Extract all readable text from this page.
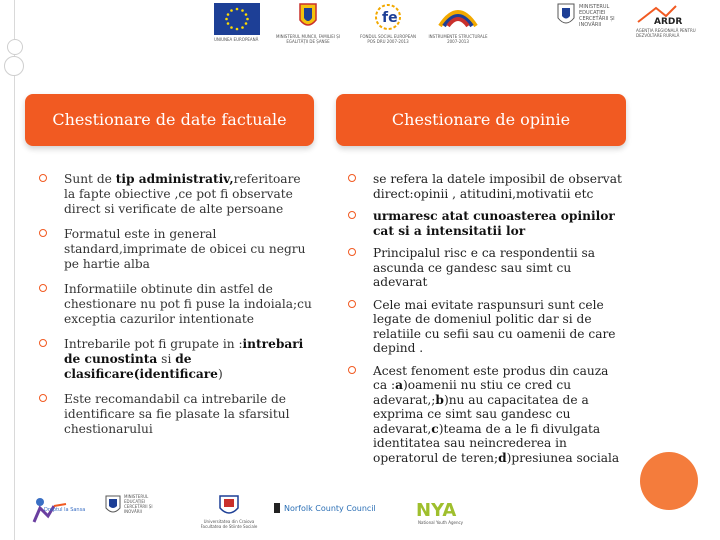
UNIUNEA EUROPEANĂ
MINISTERUL MUNCII, FAMILIEI ȘI EGALITĂȚII DE ȘANSE
fe
FONDUL SOCIAL EUROPEAN POS DRU 2007-2013
INSTRUMENTE STRUCTURALE 2007-2013
MINISTERUL EDUCAȚIEI CERCETĂRII ȘI INOVĂRII	ARDR
AGENȚIA REGIONALĂ PENTRU DEZVOLTARE RURALĂ
Chestionare de date factuale	Chestionare de opinie
Sunt de tip administrativ,referitoare la fapte obiective ,ce pot fi observate direct si verificate de alte persoane
Formatul este in general standard,imprimate de obicei cu negru pe hartie alba
Informatiile obtinute din astfel de chestionare nu pot fi puse la indoiala;cu exceptia cazurilor intentionate
Intrebarile pot fi grupate in :intrebari de cunostinta si de clasificare(identificare)
Este recomandabil ca intrebarile de identificare sa fie plasate la sfarsitul chestionarului
se refera la datele imposibil de observat direct:opinii , atitudini,motivatii etc
urmaresc atat cunoasterea opinilor cat si a intensitatii lor
Principalul risc e ca respondentii sa ascunda ce gandesc sau simt cu adevarat
Cele mai evitate raspunsuri sunt cele legate de domeniul politic dar si de relatiile cu sefii sau cu oamenii de care depind .
Acest fenoment este produs din cauza ca :a)oamenii nu stiu ce cred cu adevarat,;b)nu au capacitatea de a exprima ce simt sau gandesc cu adevarat,c)teama de a le fi divulgata identitatea sau neincrederea in operatorul de teren;d)presiunea sociala
Dreptul la Sansa
MINISTERUL EDUCAȚIEI CERCETĂRII ȘI INOVĂRII
Universitatea din Craiova Facultatea de Stiinte Sociale
Norfolk County Council NYA
National Youth Agency
